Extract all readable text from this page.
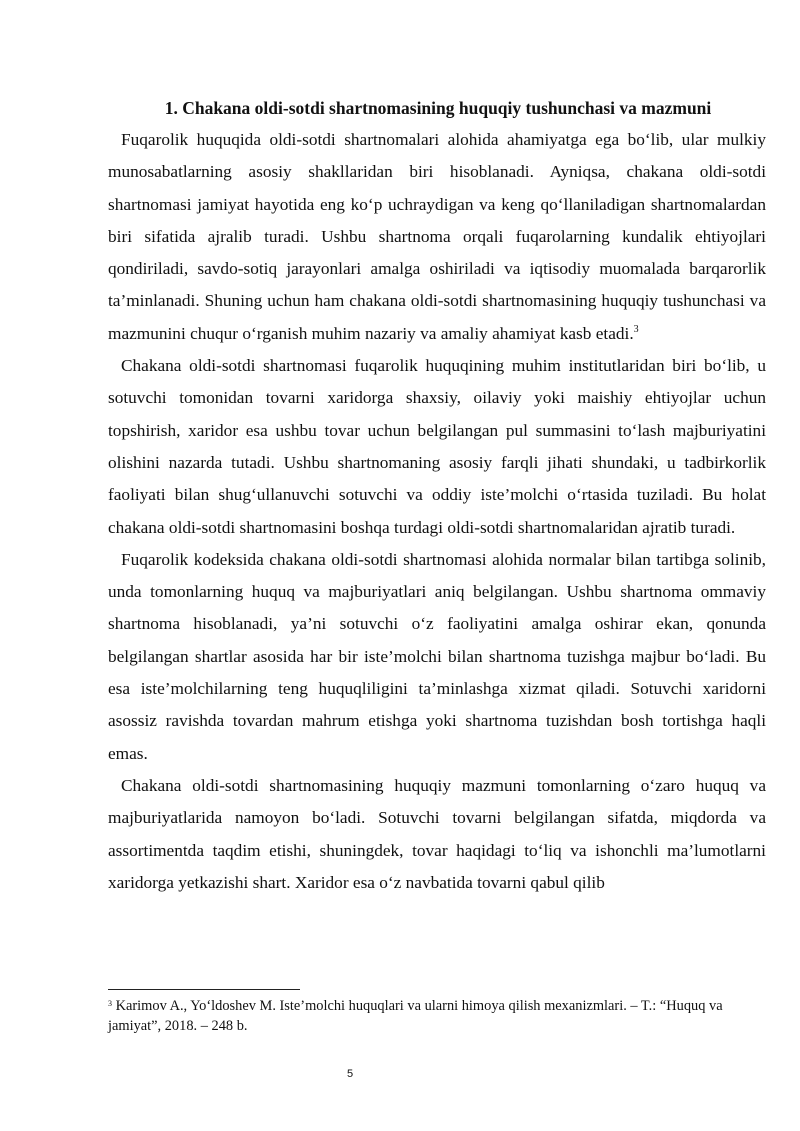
1. Chakana oldi-sotdi shartnomasining huquqiy tushunchasi va mazmuni

Fuqarolik huquqida oldi-sotdi shartnomalari alohida ahamiyatga ega bo‘lib, ular mulkiy munosabatlarning asosiy shakllaridan biri hisoblanadi. Ayniqsa, chakana oldi-sotdi shartnomasi jamiyat hayotida eng ko‘p uchraydigan va keng qo‘llaniladigan shartnomalardan biri sifatida ajralib turadi. Ushbu shartnoma orqali fuqarolarning kundalik ehtiyojlari qondiriladi, savdo-sotiq jarayonlari amalga oshiriladi va iqtisodiy muomalada barqarorlik ta’minlanadi. Shuning uchun ham chakana oldi-sotdi shartnomasining huquqiy tushunchasi va mazmunini chuqur o‘rganish muhim nazariy va amaliy ahamiyat kasb etadi.$^3$

Chakana oldi-sotdi shartnomasi fuqarolik huquqining muhim institutlaridan biri bo‘lib, u sotuvchi tomonidan tovarni xaridorga shaxsiy, oilaviy yoki maishiy ehtiyojlar uchun topshirish, xaridor esa ushbu tovar uchun belgilangan pul summasini to‘lash majburiyatini olishini nazarda tutadi. Ushbu shartnomaning asosiy farqli jihati shundaki, u tadbirkorlik faoliyati bilan shug‘ullanuvchi sotuvchi va oddiy iste’molchi o‘rtasida tuziladi. Bu holat chakana oldi-sotdi shartnomasini boshqa turdagi oldi-sotdi shartnomalaridan ajratib turadi.

Fuqarolik kodeksida chakana oldi-sotdi shartnomasi alohida normalar bilan tartibga solinib, unda tomonlarning huquq va majburiyatlari aniq belgilangan. Ushbu shartnoma ommaviy shartnoma hisoblanadi, ya’ni sotuvchi o‘z faoliyatini amalga oshirar ekan, qonunda belgilangan shartlar asosida har bir iste’molchi bilan shartnoma tuzishga majbur bo‘ladi. Bu esa iste’molchilarning teng huquqliligini ta’minlashga xizmat qiladi. Sotuvchi xaridorni asossiz ravishda tovardan mahrum etishga yoki shartnoma tuzishdan bosh tortishga haqli emas.

Chakana oldi-sotdi shartnomasining huquqiy mazmuni tomonlarning o‘zaro huquq va majburiyatlarida namoyon bo‘ladi. Sotuvchi tovarni belgilangan sifatda, miqdorda va assortimentda taqdim etishi, shuningdek, tovar haqidagi to‘liq va ishonchli ma’lumotlarni xaridorga yetkazishi shart. Xaridor esa o‘z navbatida tovarni qabul qilib

$^3$ Karimov A., Yo‘ldoshev M. Iste’molchi huquqlari va ularni himoya qilish mexanizmlari. – T.: “Huquq va jamiyat”, 2018. – 248 b.

5
